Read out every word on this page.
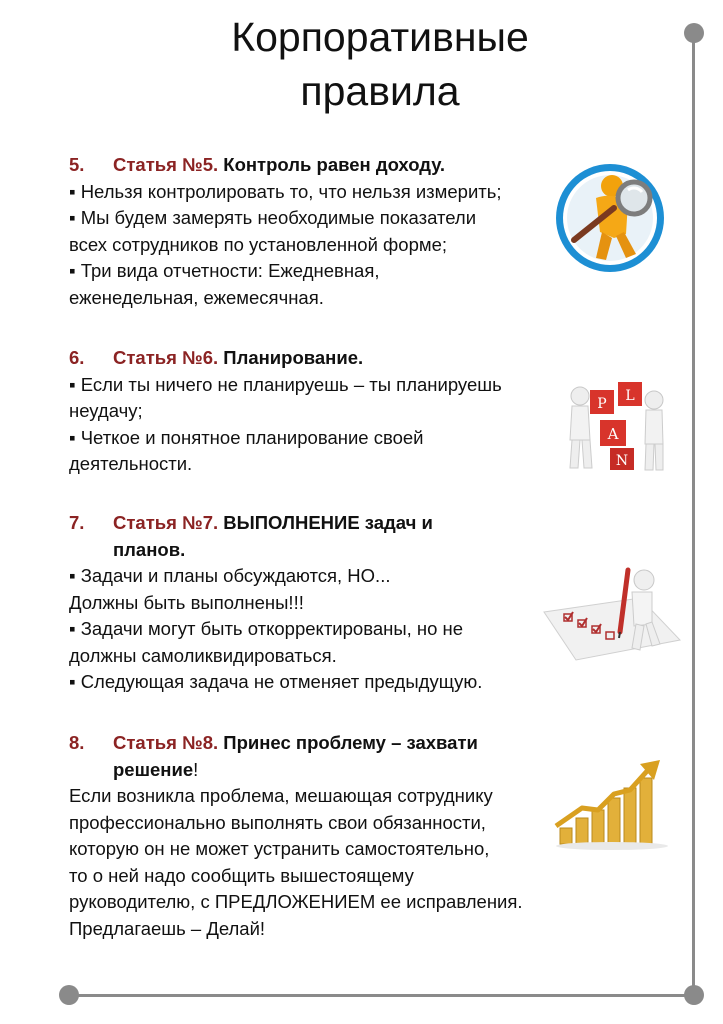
Корпоративные
правила
5.	Статья №5. Контроль равен доходу.
▪ Нельзя контролировать то, что нельзя измерить;
▪ Мы будем замерять необходимые показатели
всех сотрудников по установленной форме;
▪ Три вида отчетности: Ежедневная,
еженедельная, ежемесячная.
6.	Статья №6. Планирование.
▪ Если ты ничего не планируешь – ты планируешь
неудачу;
▪ Четкое и понятное планирование своей
деятельности.
7.	Статья №7. ВЫПОЛНЕНИЕ задач и
планов.
▪ Задачи и планы обсуждаются, НО...
Должны быть выполнены!!!
▪ Задачи могут быть откорректированы, но не
должны самоликвидироваться.
▪ Следующая задача не отменяет предыдущую.
8.	Статья №8. Принес проблему – захвати
решение!
Если возникла проблема, мешающая сотруднику
профессионально выполнять свои обязанности,
которую он не может устранить самостоятельно,
то о ней надо сообщить вышестоящему
руководителю, с ПРЕДЛОЖЕНИЕМ ее исправления.
Предлагаешь – Делай!
P L
A
N
